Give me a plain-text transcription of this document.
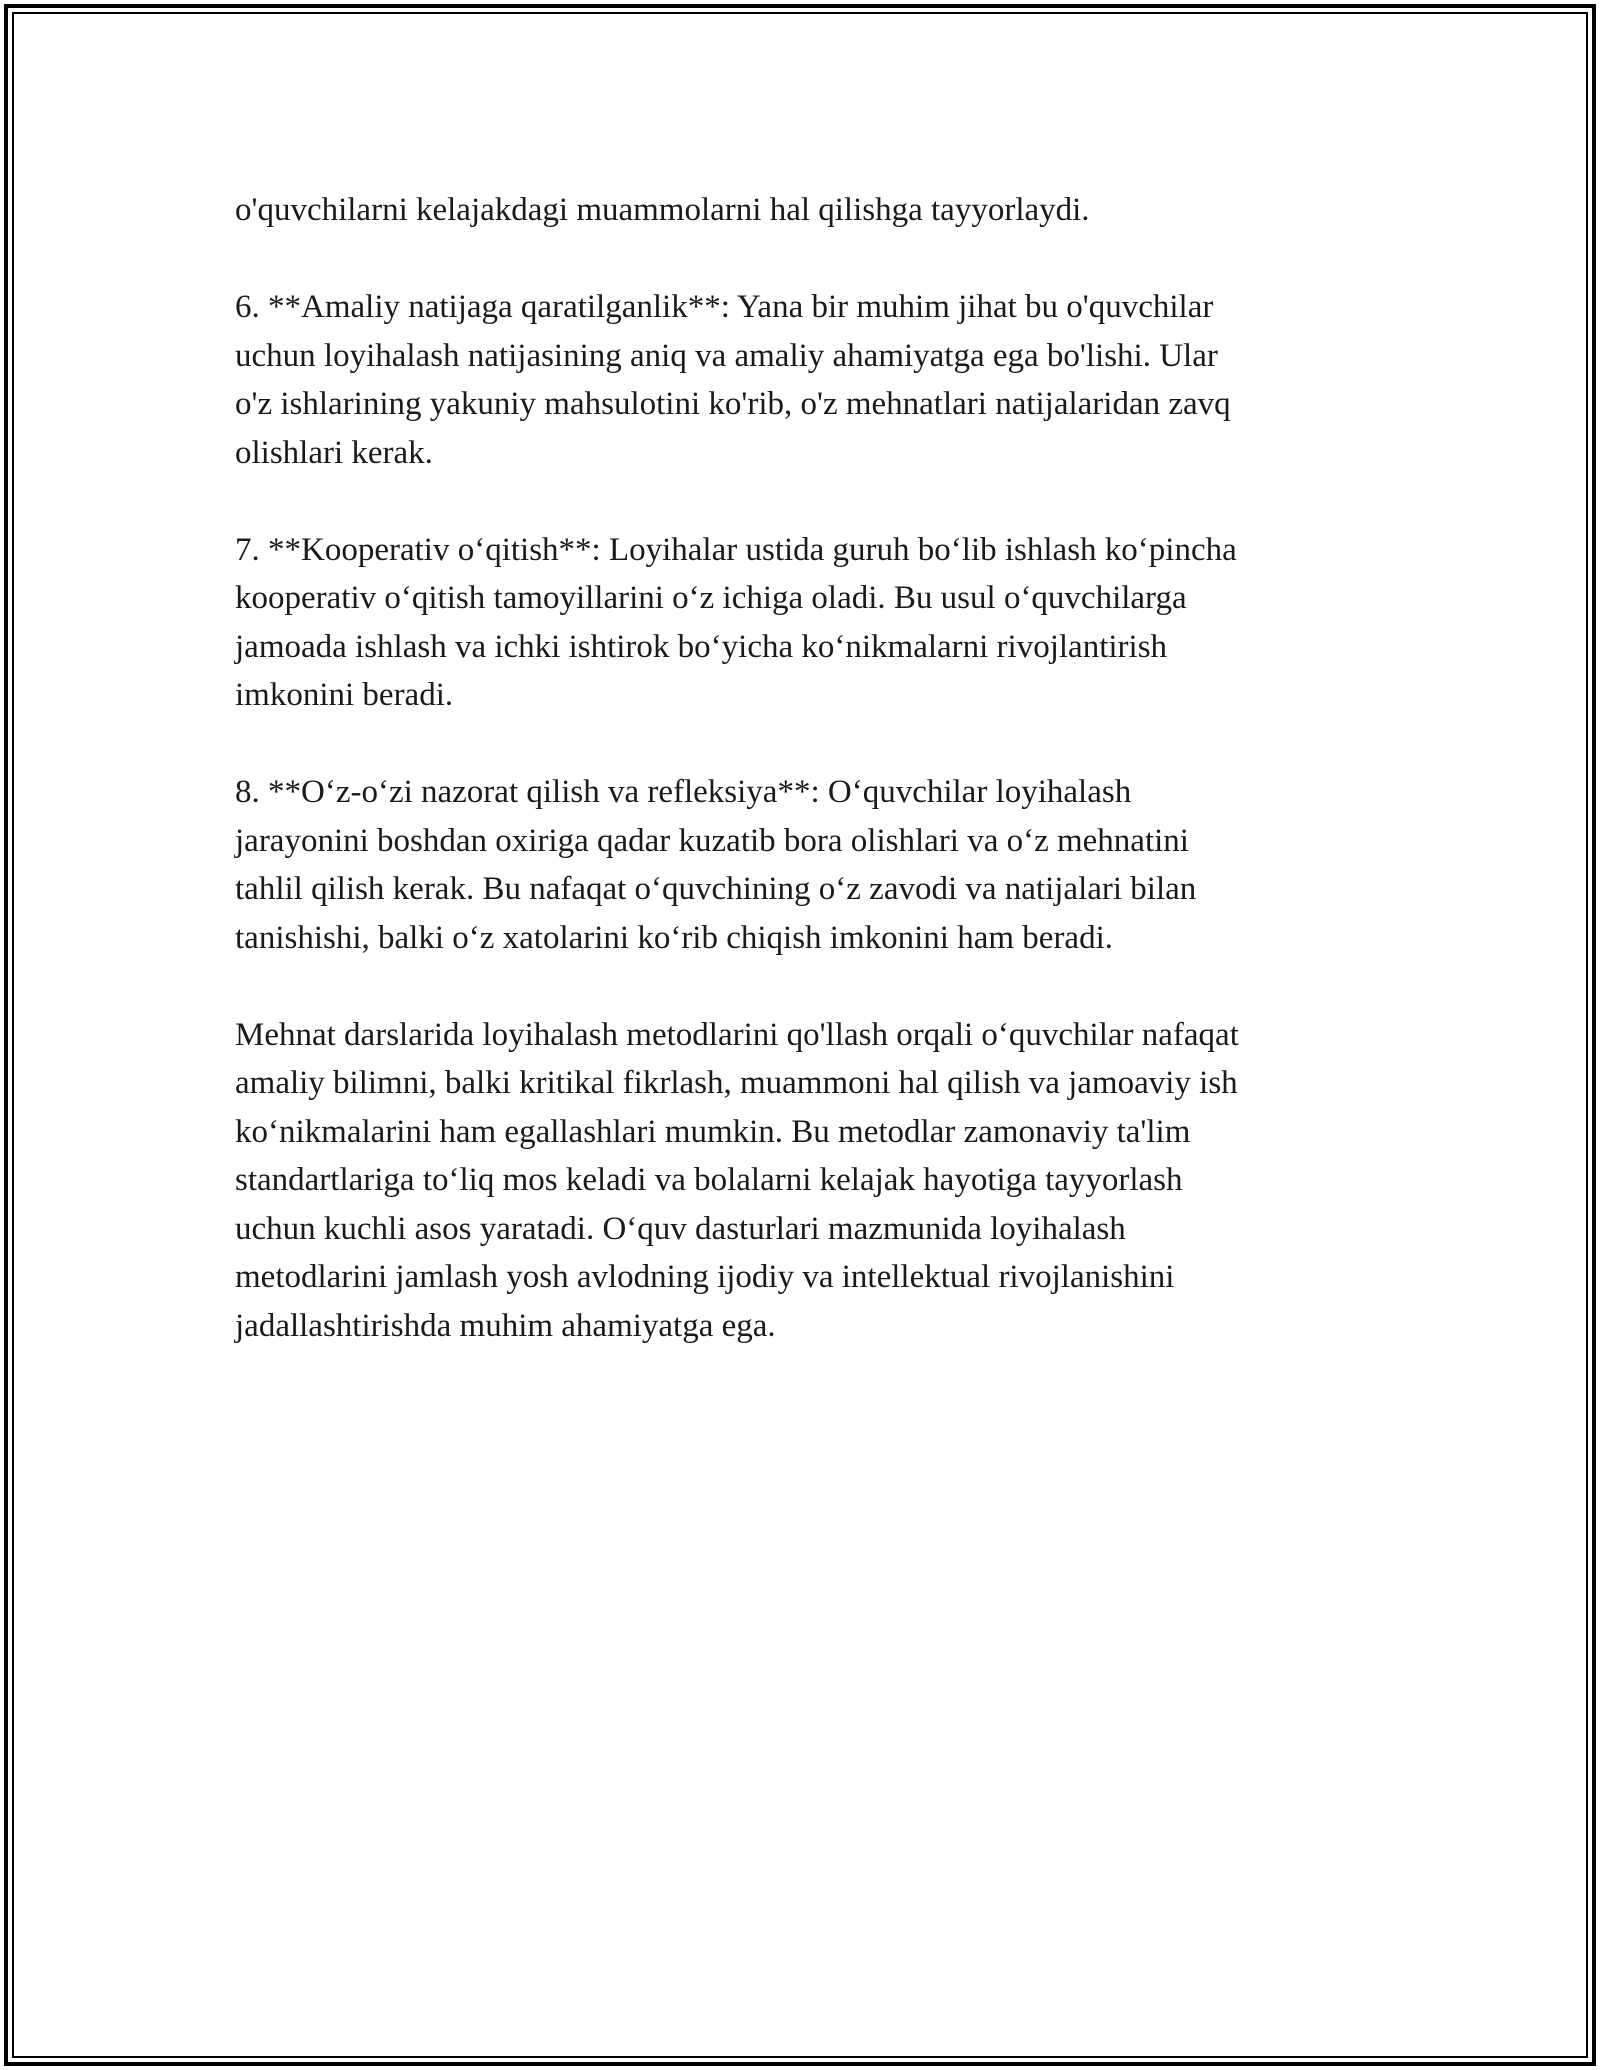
o'quvchilarni kelajakdagi muammolarni hal qilishga tayyorlaydi.

6. **Amaliy natijaga qaratilganlik**: Yana bir muhim jihat bu o'quvchilar
uchun loyihalash natijasining aniq va amaliy ahamiyatga ega bo'lishi. Ular
o'z ishlarining yakuniy mahsulotini ko'rib, o'z mehnatlari natijalaridan zavq
olishlari kerak.

7. **Kooperativ o‘qitish**: Loyihalar ustida guruh bo‘lib ishlash ko‘pincha
kooperativ o‘qitish tamoyillarini o‘z ichiga oladi. Bu usul o‘quvchilarga
jamoada ishlash va ichki ishtirok bo‘yicha ko‘nikmalarni rivojlantirish
imkonini beradi.

8. **O‘z-o‘zi nazorat qilish va refleksiya**: O‘quvchilar loyihalash
jarayonini boshdan oxiriga qadar kuzatib bora olishlari va o‘z mehnatini
tahlil qilish kerak. Bu nafaqat o‘quvchining o‘z zavodi va natijalari bilan
tanishishi, balki o‘z xatolarini ko‘rib chiqish imkonini ham beradi.

Mehnat darslarida loyihalash metodlarini qo'llash orqali o‘quvchilar nafaqat
amaliy bilimni, balki kritikal fikrlash, muammoni hal qilish va jamoaviy ish
ko‘nikmalarini ham egallashlari mumkin. Bu metodlar zamonaviy ta'lim
standartlariga to‘liq mos keladi va bolalarni kelajak hayotiga tayyorlash
uchun kuchli asos yaratadi. O‘quv dasturlari mazmunida loyihalash
metodlarini jamlash yosh avlodning ijodiy va intellektual rivojlanishini
jadallashtirishda muhim ahamiyatga ega.
